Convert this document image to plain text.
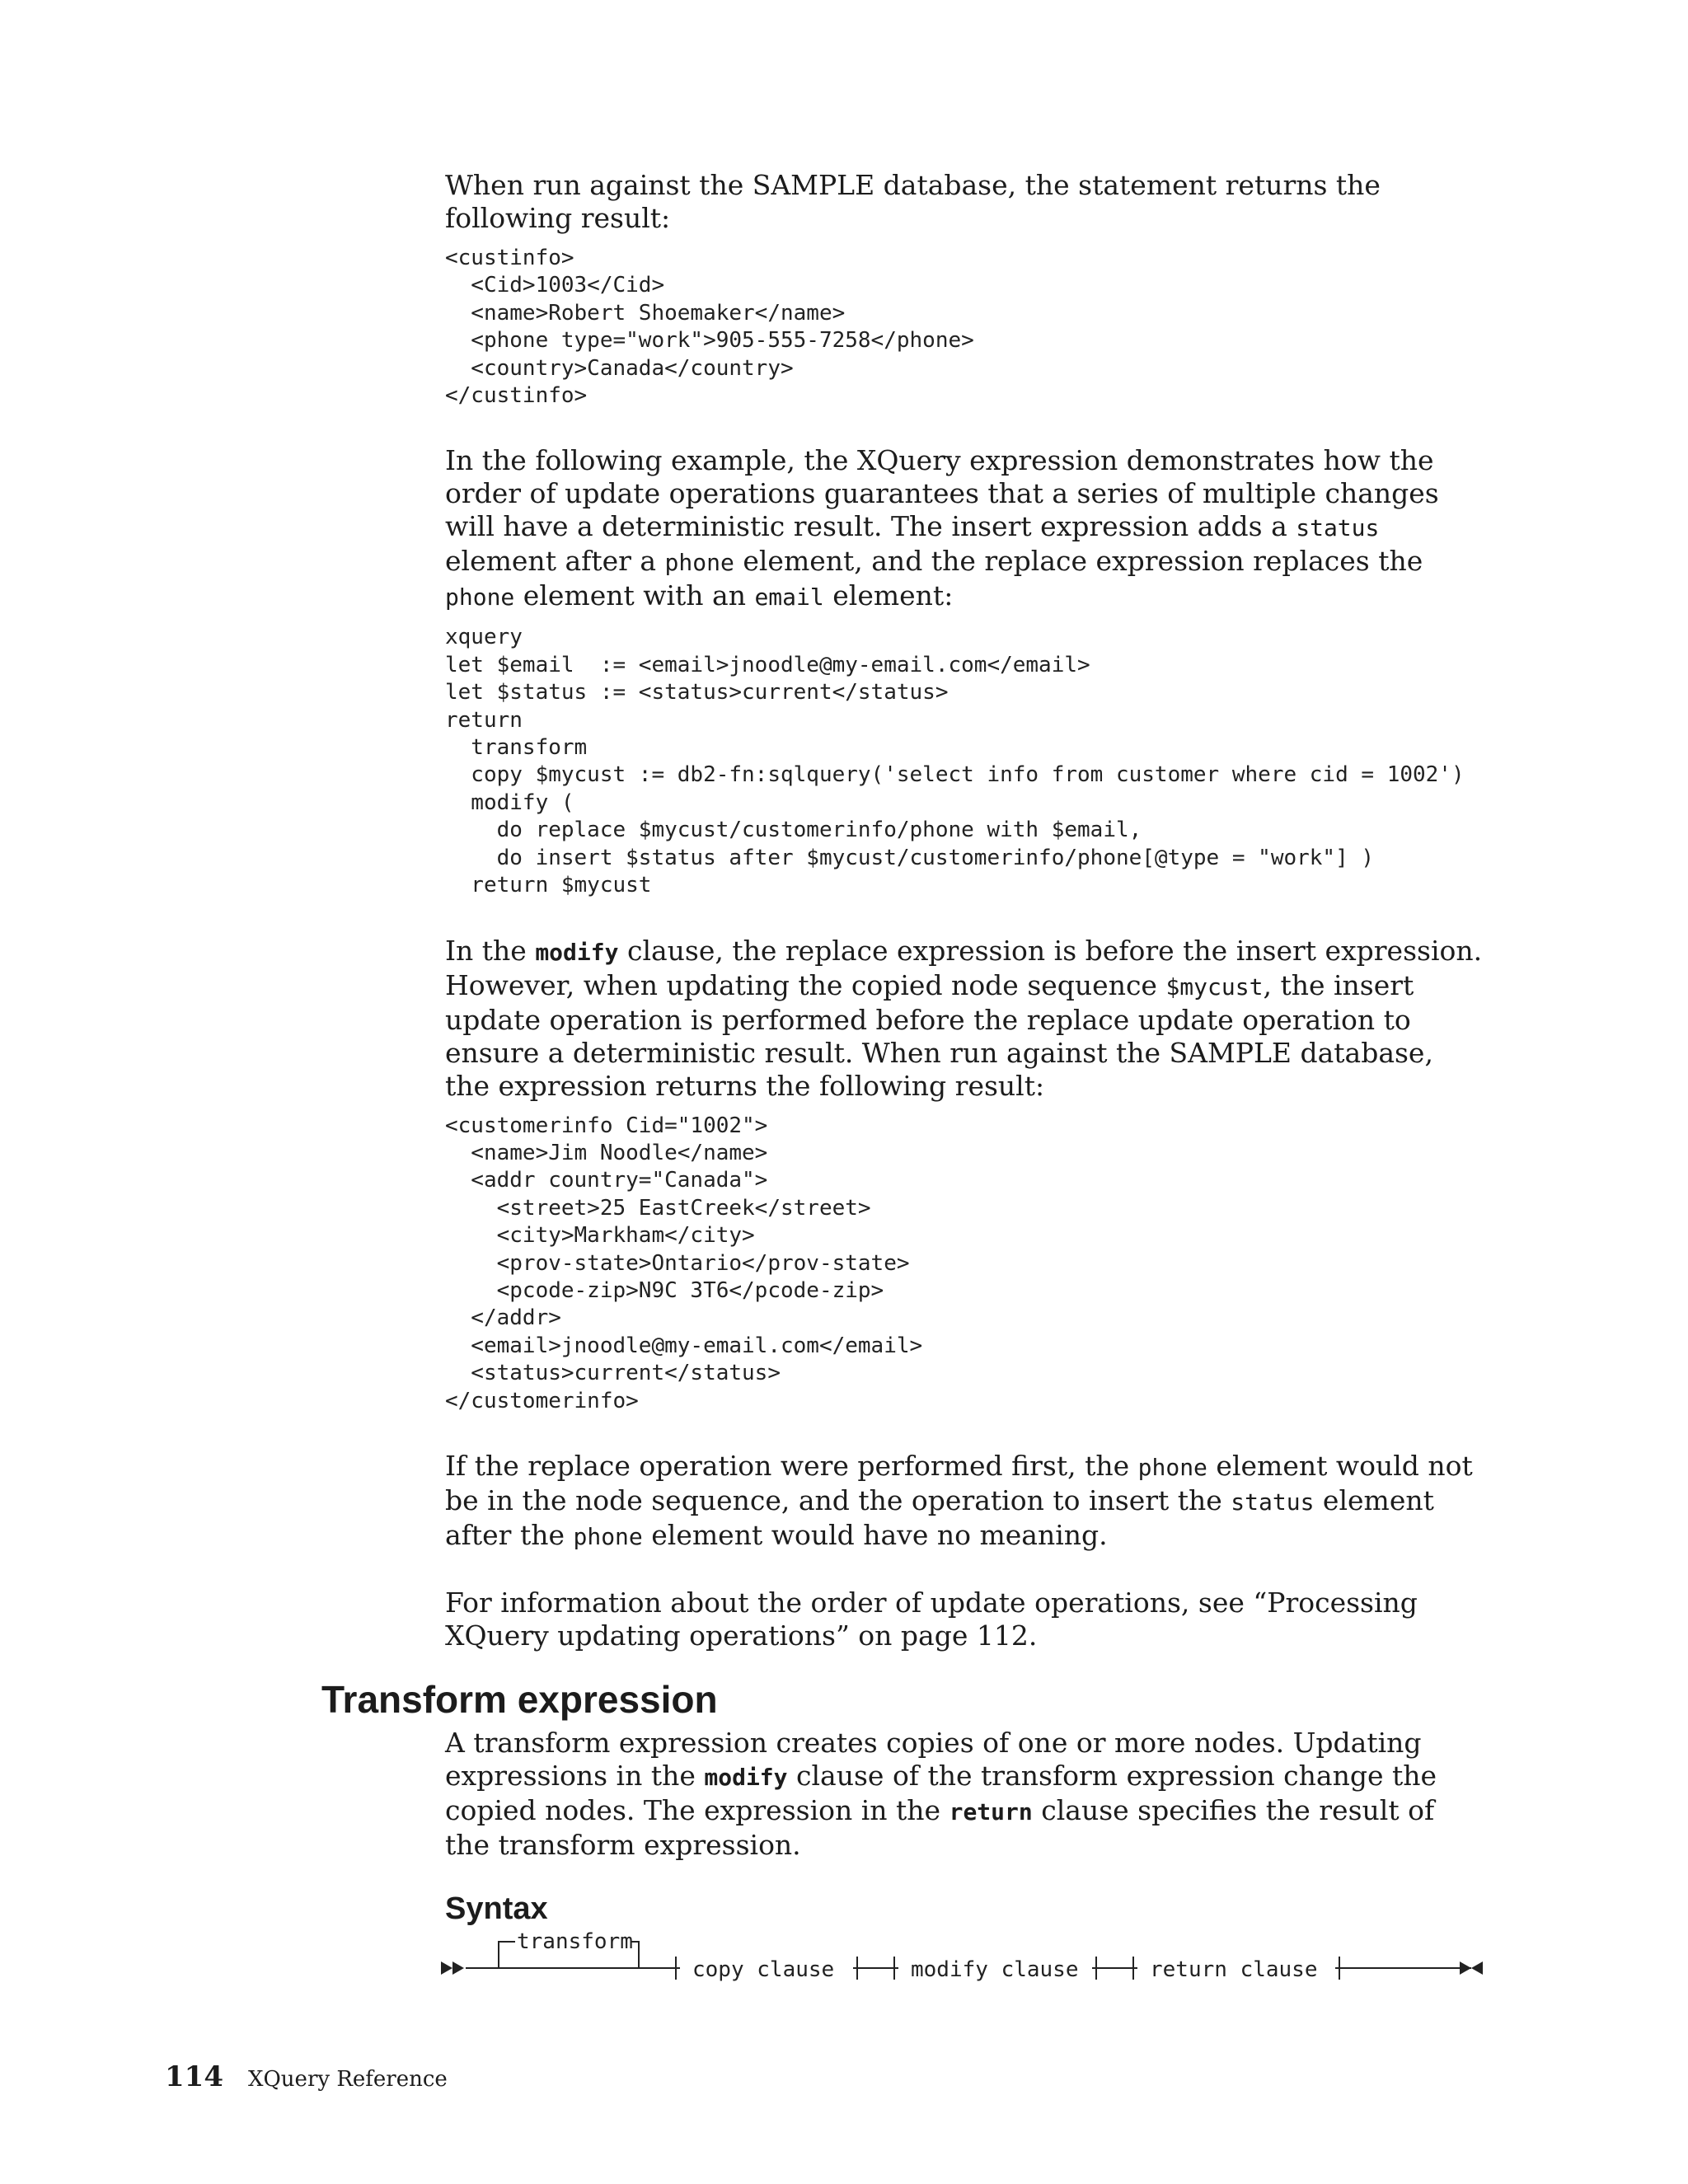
When run against the SAMPLE database, the statement returns the following result:

<custinfo>
<Cid>1003</Cid>
<name>Robert Shoemaker</name>
<phone type="work">905-555-7258</phone>
<country>Canada</country>
</custinfo>

In the following example, the XQuery expression demonstrates how the order of update operations guarantees that a series of multiple changes will have a deterministic result. The insert expression adds a status element after a phone element, and the replace expression replaces the phone element with an email element:

xquery
let $email  := <email>jnoodle@my-email.com</email>
let $status := <status>current</status>
return
transform
copy $mycust := db2-fn:sqlquery('select info from customer where cid = 1002')
modify (
do replace $mycust/customerinfo/phone with $email,
do insert $status after $mycust/customerinfo/phone[@type = "work"] )
return $mycust

In the modify clause, the replace expression is before the insert expression. However, when updating the copied node sequence $mycust, the insert update operation is performed before the replace update operation to ensure a deterministic result. When run against the SAMPLE database, the expression returns the following result:

<customerinfo Cid="1002">
<name>Jim Noodle</name>
<addr country="Canada">
<street>25 EastCreek</street>
<city>Markham</city>
<prov-state>Ontario</prov-state>
<pcode-zip>N9C 3T6</pcode-zip>
</addr>
<email>jnoodle@my-email.com</email>
<status>current</status>
</customerinfo>

If the replace operation were performed first, the phone element would not be in the node sequence, and the operation to insert the status element after the phone element would have no meaning.

For information about the order of update operations, see “Processing XQuery updating operations” on page 112.

Transform expression

A transform expression creates copies of one or more nodes. Updating expressions in the modify clause of the transform expression change the copied nodes. The expression in the return clause specifies the result of the transform expression.

Syntax
transform
copy clause	modify clause	return clause
114 XQuery Reference
